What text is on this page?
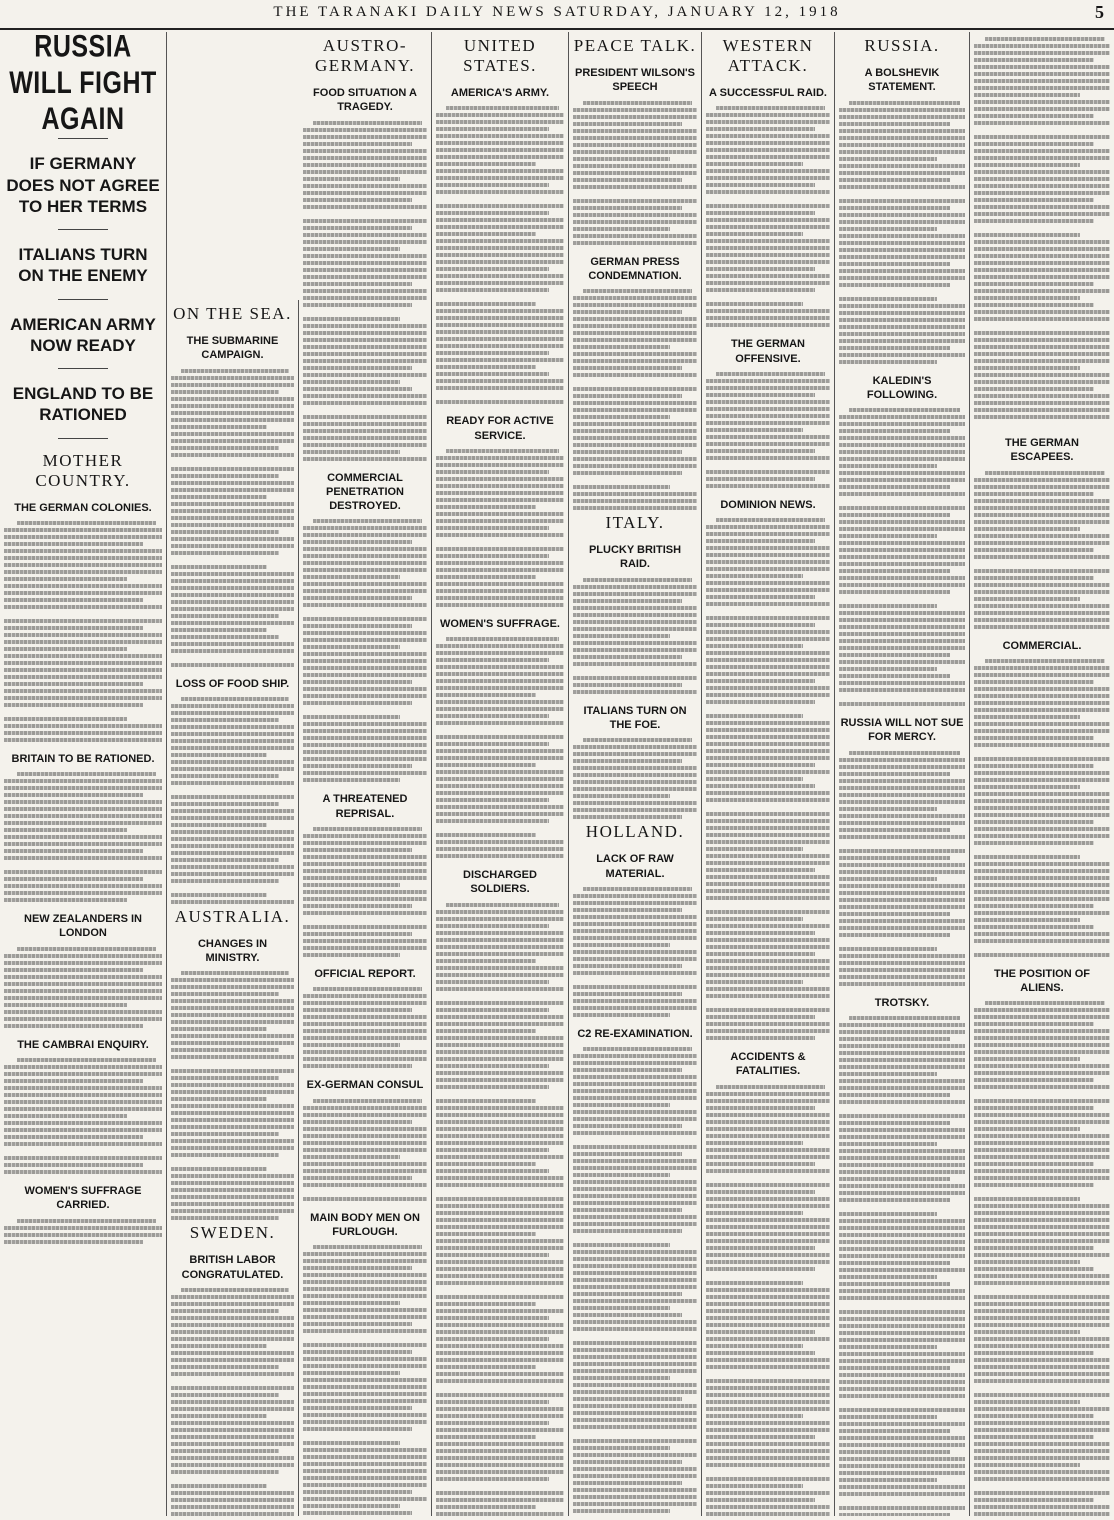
THE TARANAKI DAILY NEWS SATURDAY, JANUARY 12, 1918	5
RUSSIA WILL FIGHT AGAIN
IF GERMANY DOES NOT AGREE TO HER TERMS
ITALIANS TURN ON THE ENEMY
AMERICAN ARMY NOW READY
ENGLAND TO BE RATIONED
MOTHER COUNTRY.
THE GERMAN COLONIES.
BRITAIN TO BE RATIONED.
NEW ZEALANDERS IN LONDON
THE CAMBRAI ENQUIRY.
WOMEN'S SUFFRAGE CARRIED.
ON THE SEA.
THE SUBMARINE CAMPAIGN.
LOSS OF FOOD SHIP.
AUSTRALIA.
CHANGES IN MINISTRY.
SWEDEN.
BRITISH LABOR CONGRATULATED.
AUSTRO-GERMANY.
FOOD SITUATION A TRAGEDY.
COMMERCIAL PENETRATION DESTROYED.
A THREATENED REPRISAL.
OFFICIAL REPORT.
EX-GERMAN CONSUL
MAIN BODY MEN ON FURLOUGH.
UNITED STATES.
AMERICA'S ARMY.
READY FOR ACTIVE SERVICE.
WOMEN'S SUFFRAGE.
DISCHARGED SOLDIERS.
PEACE TALK.
PRESIDENT WILSON'S SPEECH
GERMAN PRESS CONDEMNATION.
ITALY.
PLUCKY BRITISH RAID.
ITALIANS TURN ON THE FOE.
HOLLAND.
LACK OF RAW MATERIAL.
C2 RE-EXAMINATION.
WESTERN ATTACK.
A SUCCESSFUL RAID.
THE GERMAN OFFENSIVE.
DOMINION NEWS.
ACCIDENTS & FATALITIES.
RUSSIA.
A BOLSHEVIK STATEMENT.
KALEDIN'S FOLLOWING.
RUSSIA WILL NOT SUE FOR MERCY.
TROTSKY.
THE GERMAN ESCAPEES.
COMMERCIAL.
THE POSITION OF ALIENS.
